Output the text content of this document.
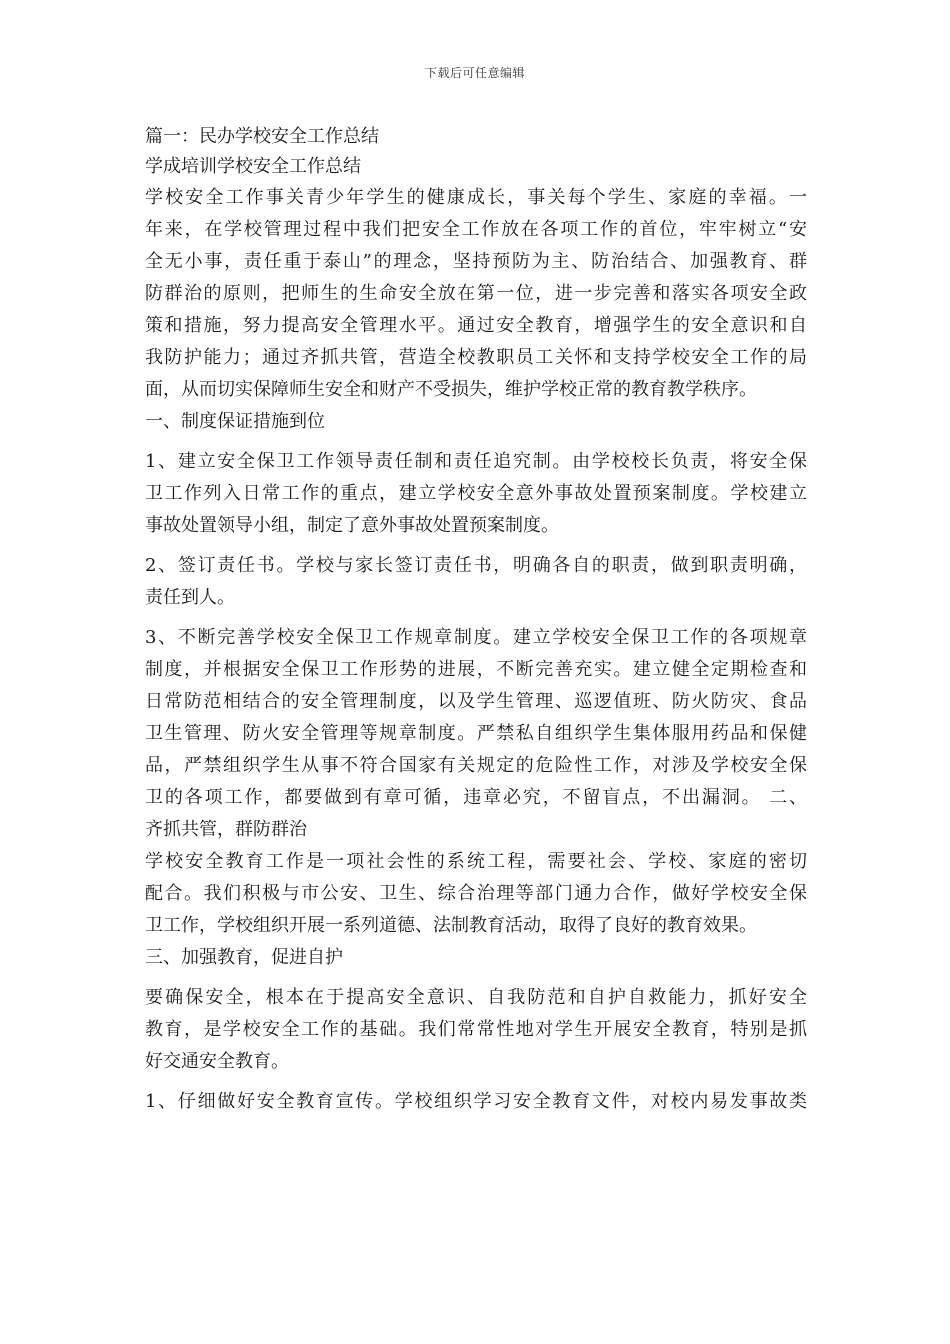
下载后可任意编辑
篇一：民办学校安全工作总结
学成培训学校安全工作总结
学校安全工作事关青少年学生的健康成长，事关每个学生、家庭的幸福。一
年来，在学校管理过程中我们把安全工作放在各项工作的首位，牢牢树立“安
全无小事，责任重于泰山”的理念，坚持预防为主、防治结合、加强教育、群
防群治的原则，把师生的生命安全放在第一位，进一步完善和落实各项安全政
策和措施，努力提高安全管理水平。通过安全教育，增强学生的安全意识和自
我防护能力；通过齐抓共管，营造全校教职员工关怀和支持学校安全工作的局
面，从而切实保障师生安全和财产不受损失，维护学校正常的教育教学秩序。
一、制度保证措施到位
1、建立安全保卫工作领导责任制和责任追究制。由学校校长负责，将安全保
卫工作列入日常工作的重点，建立学校安全意外事故处置预案制度。学校建立
事故处置领导小组，制定了意外事故处置预案制度。
2、签订责任书。学校与家长签订责任书，明确各自的职责，做到职责明确，
责任到人。
3、不断完善学校安全保卫工作规章制度。建立学校安全保卫工作的各项规章
制度，并根据安全保卫工作形势的进展，不断完善充实。建立健全定期检查和
日常防范相结合的安全管理制度，以及学生管理、巡逻值班、防火防灾、食品
卫生管理、防火安全管理等规章制度。严禁私自组织学生集体服用药品和保健
品，严禁组织学生从事不符合国家有关规定的危险性工作，对涉及学校安全保
卫的各项工作，都要做到有章可循，违章必究，不留盲点，不出漏洞。 二、
齐抓共管，群防群治
学校安全教育工作是一项社会性的系统工程，需要社会、学校、家庭的密切
配合。我们积极与市公安、卫生、综合治理等部门通力合作，做好学校安全保
卫工作，学校组织开展一系列道德、法制教育活动，取得了良好的教育效果。
三、加强教育，促进自护
要确保安全，根本在于提高安全意识、自我防范和自护自救能力，抓好安全
教育，是学校安全工作的基础。我们常常性地对学生开展安全教育，特别是抓
好交通安全教育。
1、仔细做好安全教育宣传。学校组织学习安全教育文件，对校内易发事故类
